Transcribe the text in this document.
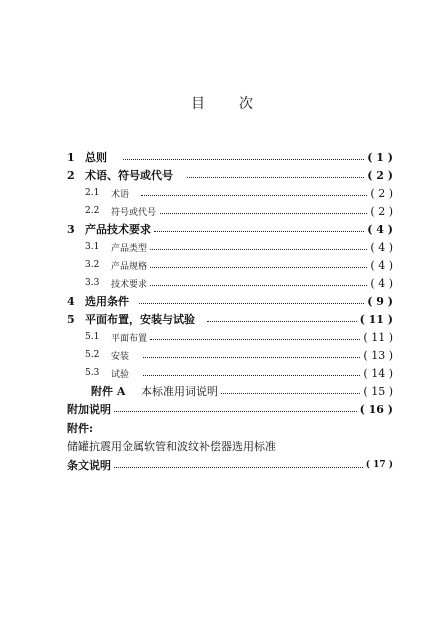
目 次
1 总则	( 1 )
2 术语、符号或代号	( 2 )
2.1	术语	( 2 )
2.2	符号或代号	( 2 )
3 产品技术要求	( 4 )
3.1	产品类型	( 4 )
3.2	产品规格	( 4 )
3.3	技术要求	( 4 )
4 选用条件	( 9 )
5 平面布置，安装与试验	( 11 )
5.1	平面布置	( 11 )
5.2	安装	( 13 )
5.3	试验	( 14 )
附件 A	本标准用词说明	( 15 )
附加说明	( 16 )
附件:
储罐抗震用金属软管和波纹补偿器选用标准
条文说明	( 17 )
